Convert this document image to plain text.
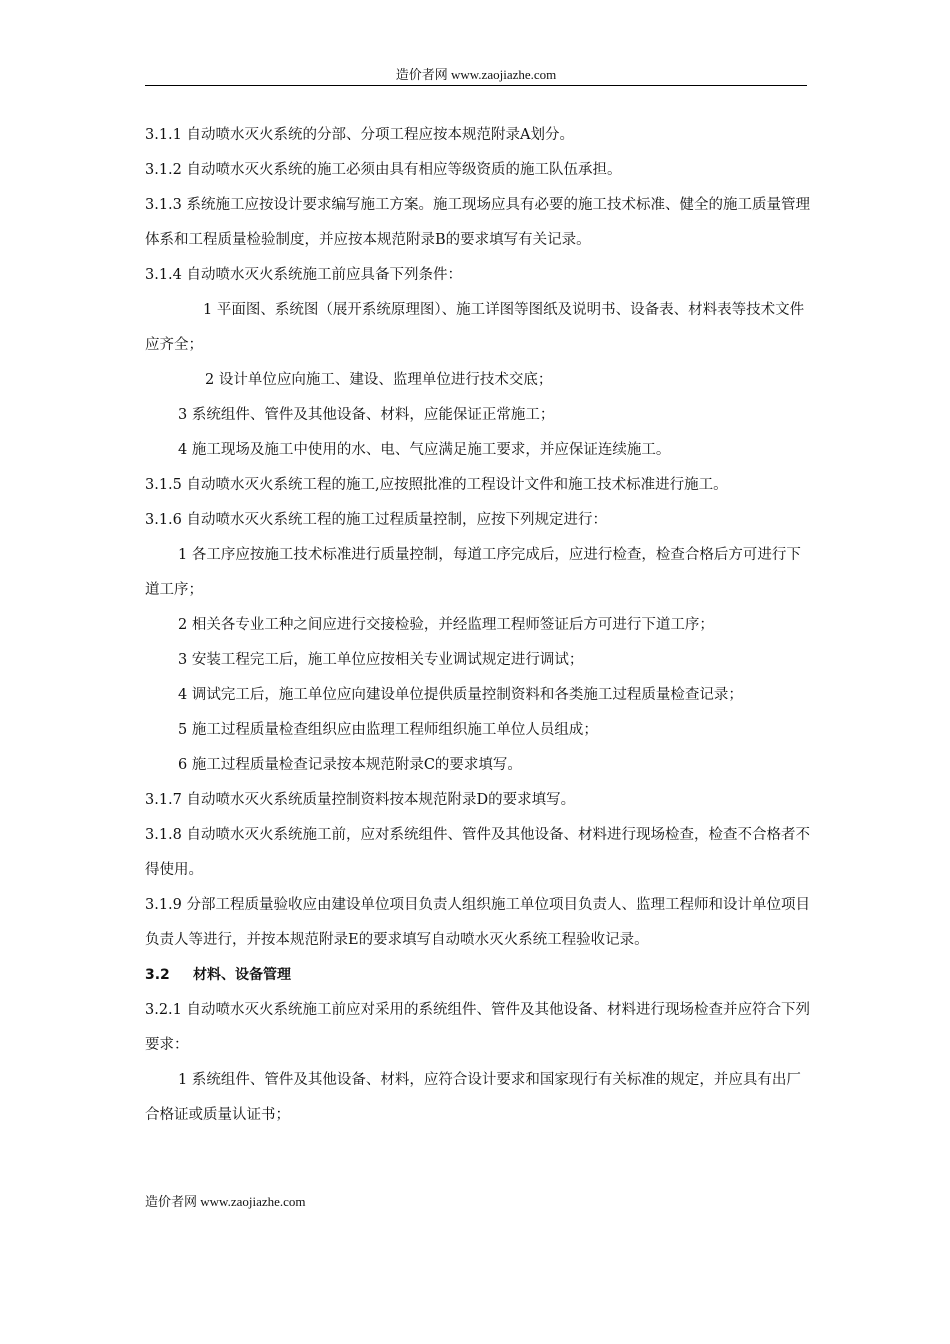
造价者网 www.zaojiazhe.com

3.1.1 自动喷水灭火系统的分部、分项工程应按本规范附录A划分。

3.1.2 自动喷水灭火系统的施工必须由具有相应等级资质的施工队伍承担。

3.1.3 系统施工应按设计要求编写施工方案。施工现场应具有必要的施工技术标准、健全的施工质量管理体系和工程质量检验制度，并应按本规范附录B的要求填写有关记录。

3.1.4 自动喷水灭火系统施工前应具备下列条件：

1 平面图、系统图（展开系统原理图）、施工详图等图纸及说明书、设备表、材料表等技术文件应齐全；

2 设计单位应向施工、建设、监理单位进行技术交底；

3 系统组件、管件及其他设备、材料，应能保证正常施工；

4 施工现场及施工中使用的水、电、气应满足施工要求，并应保证连续施工。

3.1.5 自动喷水灭火系统工程的施工,应按照批准的工程设计文件和施工技术标准进行施工。

3.1.6 自动喷水灭火系统工程的施工过程质量控制，应按下列规定进行：

1 各工序应按施工技术标准进行质量控制，每道工序完成后，应进行检查，检查合格后方可进行下道工序；

2 相关各专业工种之间应进行交接检验，并经监理工程师签证后方可进行下道工序；

3 安装工程完工后，施工单位应按相关专业调试规定进行调试；

4 调试完工后，施工单位应向建设单位提供质量控制资料和各类施工过程质量检查记录；

5 施工过程质量检查组织应由监理工程师组织施工单位人员组成；

6 施工过程质量检查记录按本规范附录C的要求填写。

3.1.7 自动喷水灭火系统质量控制资料按本规范附录D的要求填写。

3.1.8 自动喷水灭火系统施工前，应对系统组件、管件及其他设备、材料进行现场检查，检查不合格者不得使用。

3.1.9 分部工程质量验收应由建设单位项目负责人组织施工单位项目负责人、监理工程师和设计单位项目负责人等进行，并按本规范附录E的要求填写自动喷水灭火系统工程验收记录。

3.2 材料、设备管理

3.2.1 自动喷水灭火系统施工前应对采用的系统组件、管件及其他设备、材料进行现场检查并应符合下列要求：

1 系统组件、管件及其他设备、材料，应符合设计要求和国家现行有关标准的规定，并应具有出厂合格证或质量认证书；

造价者网 www.zaojiazhe.com
